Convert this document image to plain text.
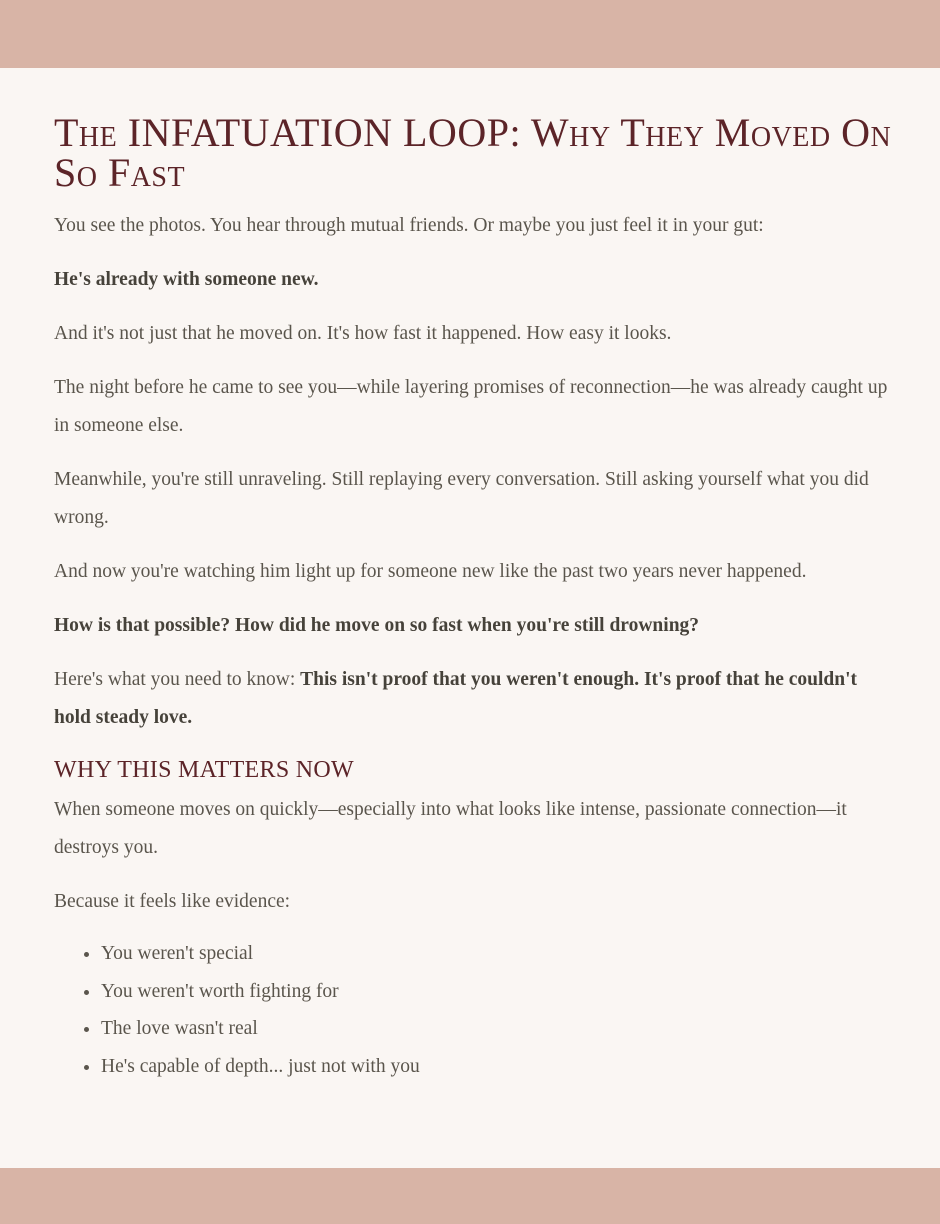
The INFATUATION LOOP: Why They Moved On So Fast

You see the photos. You hear through mutual friends. Or maybe you just feel it in your gut:

He's already with someone new.

And it's not just that he moved on. It's how fast it happened. How easy it looks.

The night before he came to see you—while layering promises of reconnection—he was already caught up in someone else.

Meanwhile, you're still unraveling. Still replaying every conversation. Still asking yourself what you did wrong.

And now you're watching him light up for someone new like the past two years never happened.

How is that possible? How did he move on so fast when you're still drowning?

Here's what you need to know: This isn't proof that you weren't enough. It's proof that he couldn't hold steady love.

WHY THIS MATTERS NOW

When someone moves on quickly—especially into what looks like intense, passionate connection—it destroys you.

Because it feels like evidence:

• You weren't special
• You weren't worth fighting for
• The love wasn't real
• He's capable of depth... just not with you
